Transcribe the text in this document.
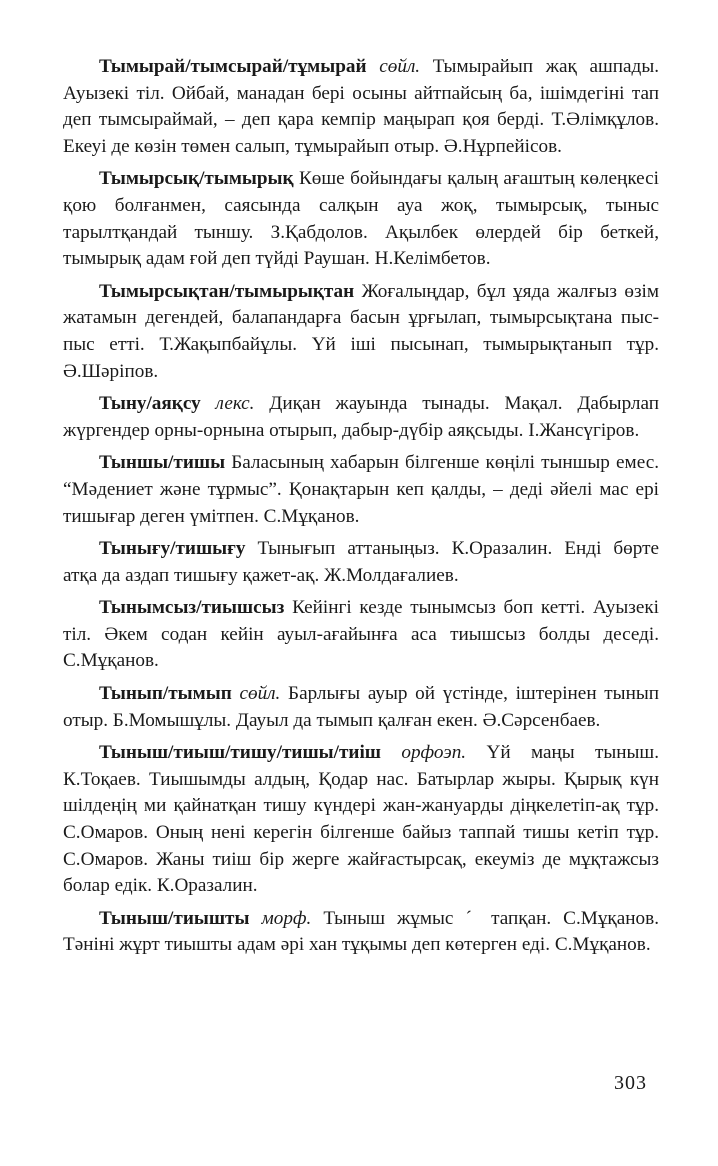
Тымырай/тымсырай/тұмырай сөйл. Тымырайып жақ ашпады. Ауызекі тіл. Ойбай, манадан бері осыны айтпайсың ба, ішімдегіні тап деп тымсыраймай, – деп қара кемпір маңырап қоя берді. Т.Әлімқұлов. Екеуі де көзін төмен салып, тұмырайып отыр. Ә.Нұрпейісов.

Тымырсық/тымырық Көше бойындағы қалың ағаштың көлеңкесі қою болғанмен, саясында салқын ауа жоқ, тымырсық, тыныс тарылтқандай тыншу. З.Қабдолов. Ақылбек өлердей бір беткей, тымырық адам ғой деп түйді Раушан. Н.Келімбетов.

Тымырсықтан/тымырықтан Жоғалыңдар, бұл ұяда жалғыз өзім жатамын дегендей, балапандарға басын ұрғылап, тымырсықтана пыс-пыс етті. Т.Жақыпбайұлы. Үй іші пысынап, тымырықтанып тұр. Ә.Шәріпов.

Тыну/аяқсу лекс. Диқан жауында тынады. Мақал. Дабырлап жүргендер орны-орнына отырып, дабыр-дүбір аяқсыды. І.Жансүгіров.

Тыншы/тишы Баласының хабарын білгенше көңілі тыншыр емес. “Мәдениет және тұрмыс”. Қонақтарын кеп қалды, – деді әйелі мас ері тишығар деген үмітпен. С.Мұқанов.

Тынығу/тишығу Тынығып аттаныңыз. К.Оразалин. Енді бөрте атқа да аздап тишығу қажет-ақ. Ж.Молдағалиев.

Тынымсыз/тиышсыз Кейінгі кезде тынымсыз боп кетті. Ауызекі тіл. Әкем содан кейін ауыл-ағайынға аса тиышсыз болды деседі. С.Мұқанов.

Тынып/тымып сөйл. Барлығы ауыр ой үстінде, іштерінен тынып отыр. Б.Момышұлы. Дауыл да тымып қалған екен. Ә.Сәрсенбаев.

Тыныш/тиыш/тишу/тишы/тиіш орфоэп. Үй маңы тыныш. К.Тоқаев. Тиышымды алдың, Қодар нас. Батырлар жыры. Қырық күн шілдеңің ми қайнатқан тишу күндері жан-жануарды діңкелетіп-ақ тұр. С.Омаров. Оның нені керегін білгенше байыз таппай тишы кетіп тұр. С.Омаров. Жаны тиіш бір жерге жайғастырсақ, екеуміз де мұқтажсыз болар едік. К.Оразалин.

Тыныш/тиышты морф. Тыныш жұмыс ˊ тапқан. С.Мұқанов. Тәніні жұрт тиышты адам әрі хан тұқымы деп көтерген еді. С.Мұқанов.

303
